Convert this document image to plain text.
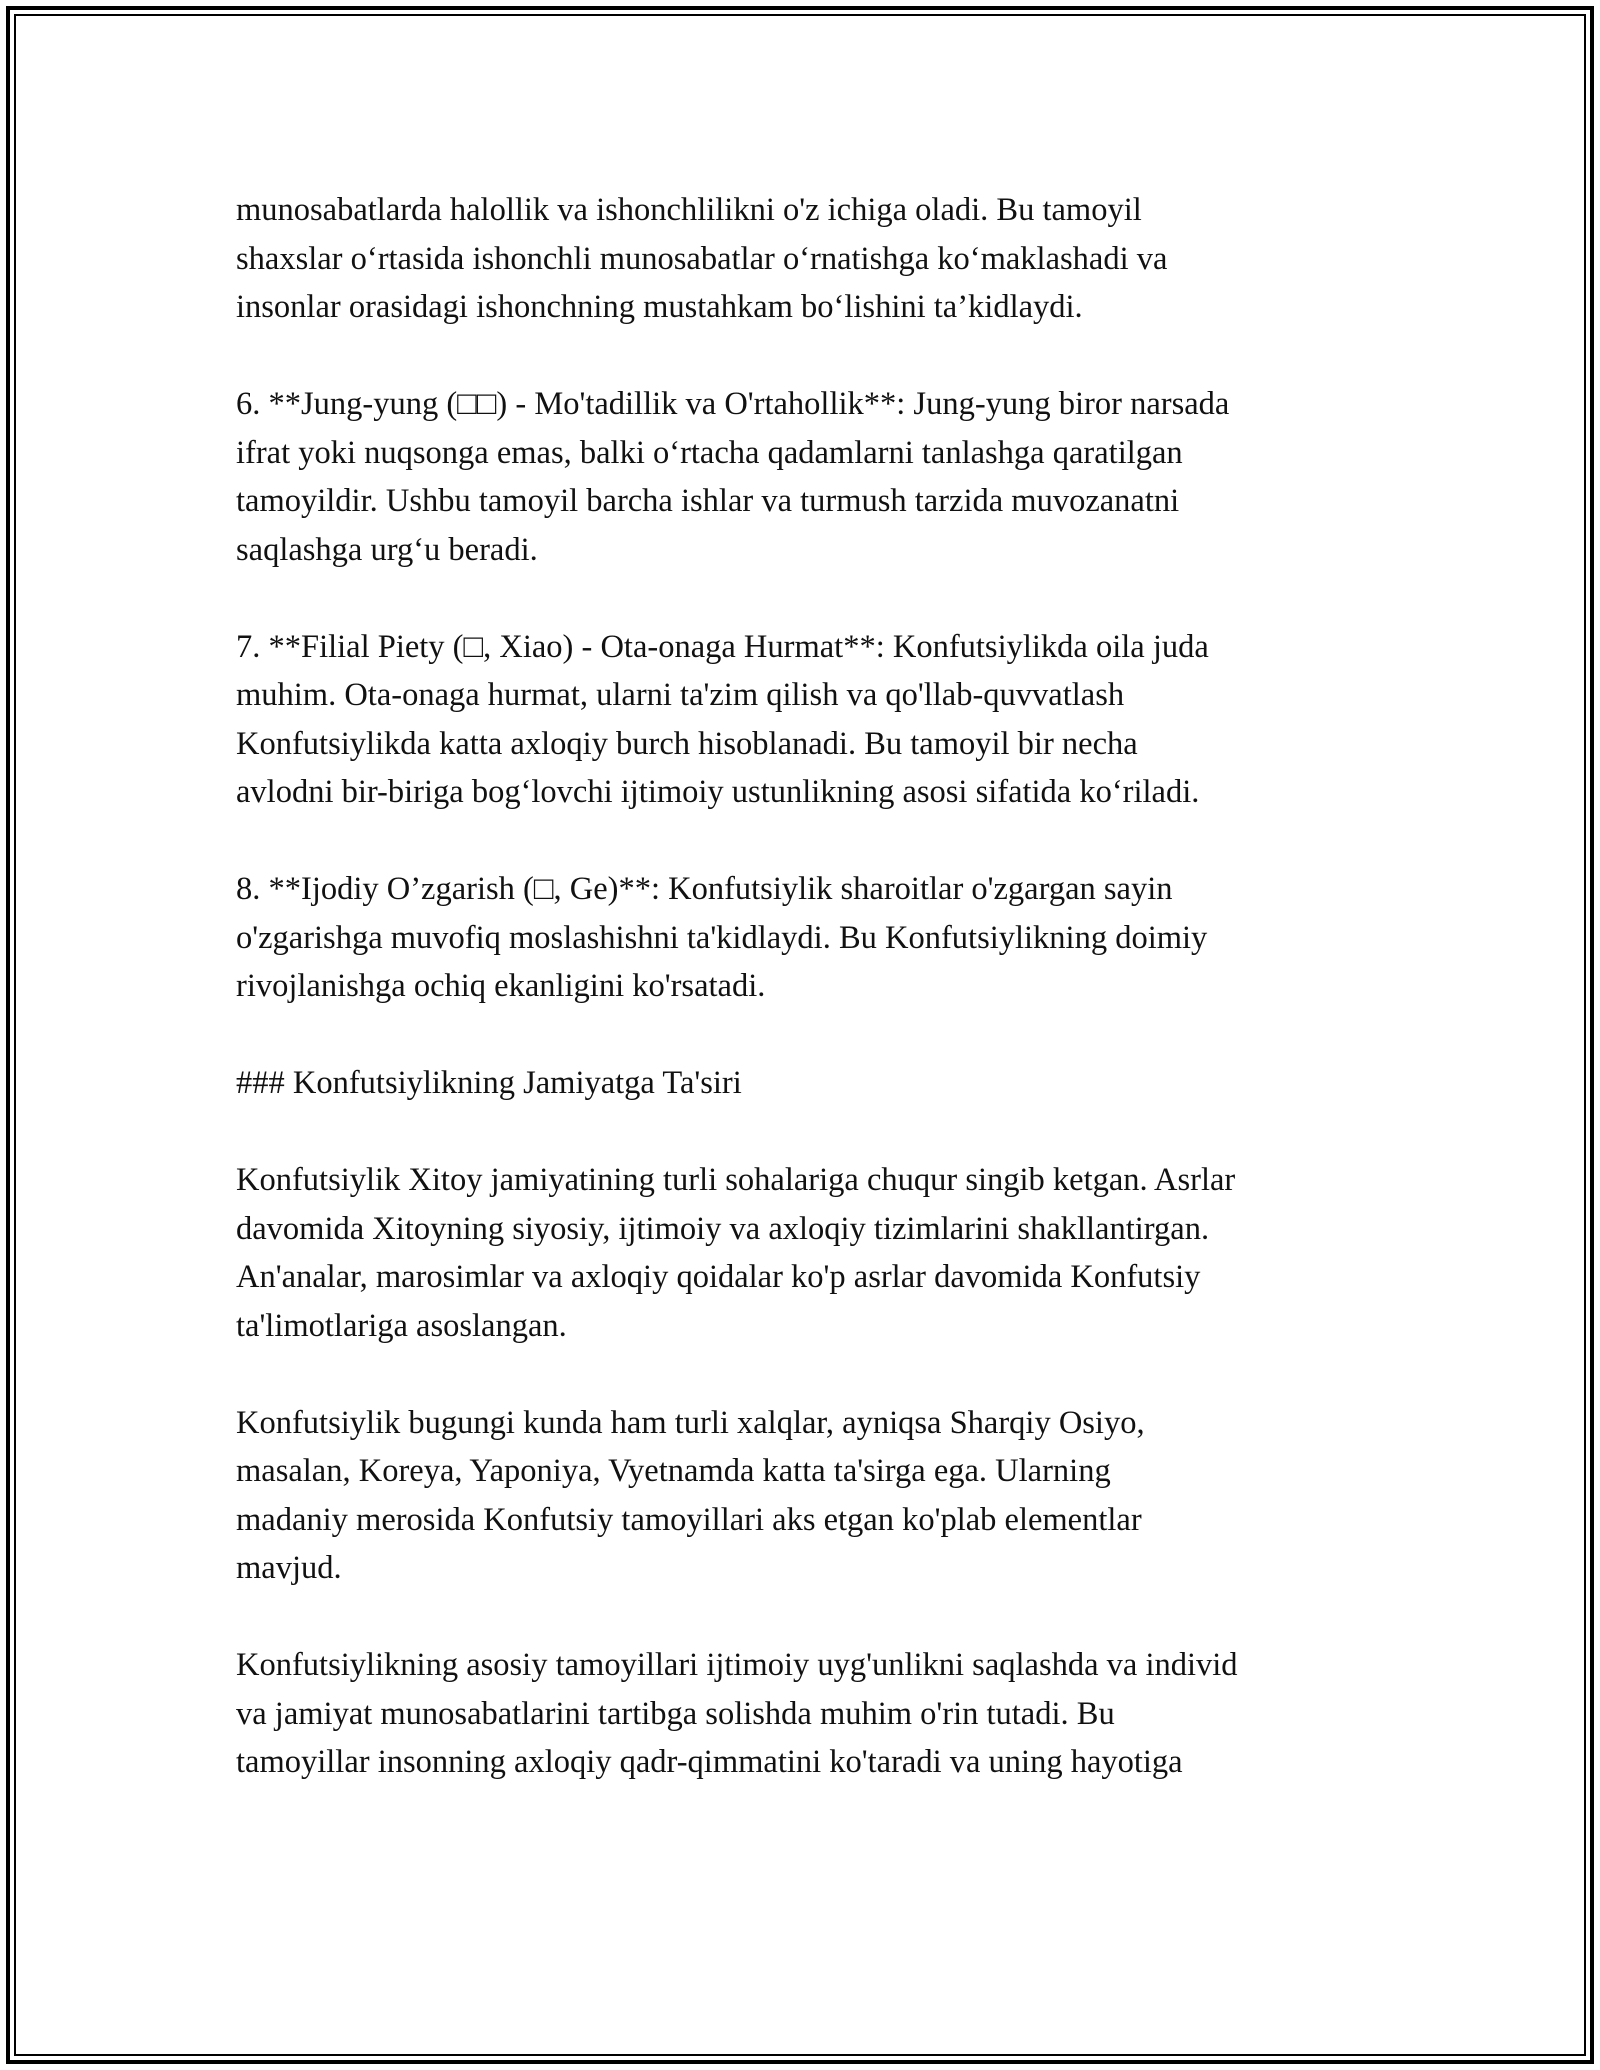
munosabatlarda halollik va ishonchlilikni o'z ichiga oladi. Bu tamoyil
shaxslar o‘rtasida ishonchli munosabatlar o‘rnatishga ko‘maklashadi va
insonlar orasidagi ishonchning mustahkam bo‘lishini ta’kidlaydi.

6. **Jung-yung (□□) - Mo'tadillik va O'rtahollik**: Jung-yung biror narsada
ifrat yoki nuqsonga emas, balki o‘rtacha qadamlarni tanlashga qaratilgan
tamoyildir. Ushbu tamoyil barcha ishlar va turmush tarzida muvozanatni
saqlashga urg‘u beradi.

7. **Filial Piety (□, Xiao) - Ota-onaga Hurmat**: Konfutsiylikda oila juda
muhim. Ota-onaga hurmat, ularni ta'zim qilish va qo'llab-quvvatlash
Konfutsiylikda katta axloqiy burch hisoblanadi. Bu tamoyil bir necha
avlodni bir-biriga bog‘lovchi ijtimoiy ustunlikning asosi sifatida ko‘riladi.

8. **Ijodiy O’zgarish (□, Ge)**: Konfutsiylik sharoitlar o'zgargan sayin
o'zgarishga muvofiq moslashishni ta'kidlaydi. Bu Konfutsiylikning doimiy
rivojlanishga ochiq ekanligini ko'rsatadi.

### Konfutsiylikning Jamiyatga Ta'siri

Konfutsiylik Xitoy jamiyatining turli sohalariga chuqur singib ketgan. Asrlar
davomida Xitoyning siyosiy, ijtimoiy va axloqiy tizimlarini shakllantirgan.
An'analar, marosimlar va axloqiy qoidalar ko'p asrlar davomida Konfutsiy
ta'limotlariga asoslangan.

Konfutsiylik bugungi kunda ham turli xalqlar, ayniqsa Sharqiy Osiyo,
masalan, Koreya, Yaponiya, Vyetnamda katta ta'sirga ega. Ularning
madaniy merosida Konfutsiy tamoyillari aks etgan ko'plab elementlar
mavjud.

Konfutsiylikning asosiy tamoyillari ijtimoiy uyg'unlikni saqlashda va individ
va jamiyat munosabatlarini tartibga solishda muhim o'rin tutadi. Bu
tamoyillar insonning axloqiy qadr-qimmatini ko'taradi va uning hayotiga
